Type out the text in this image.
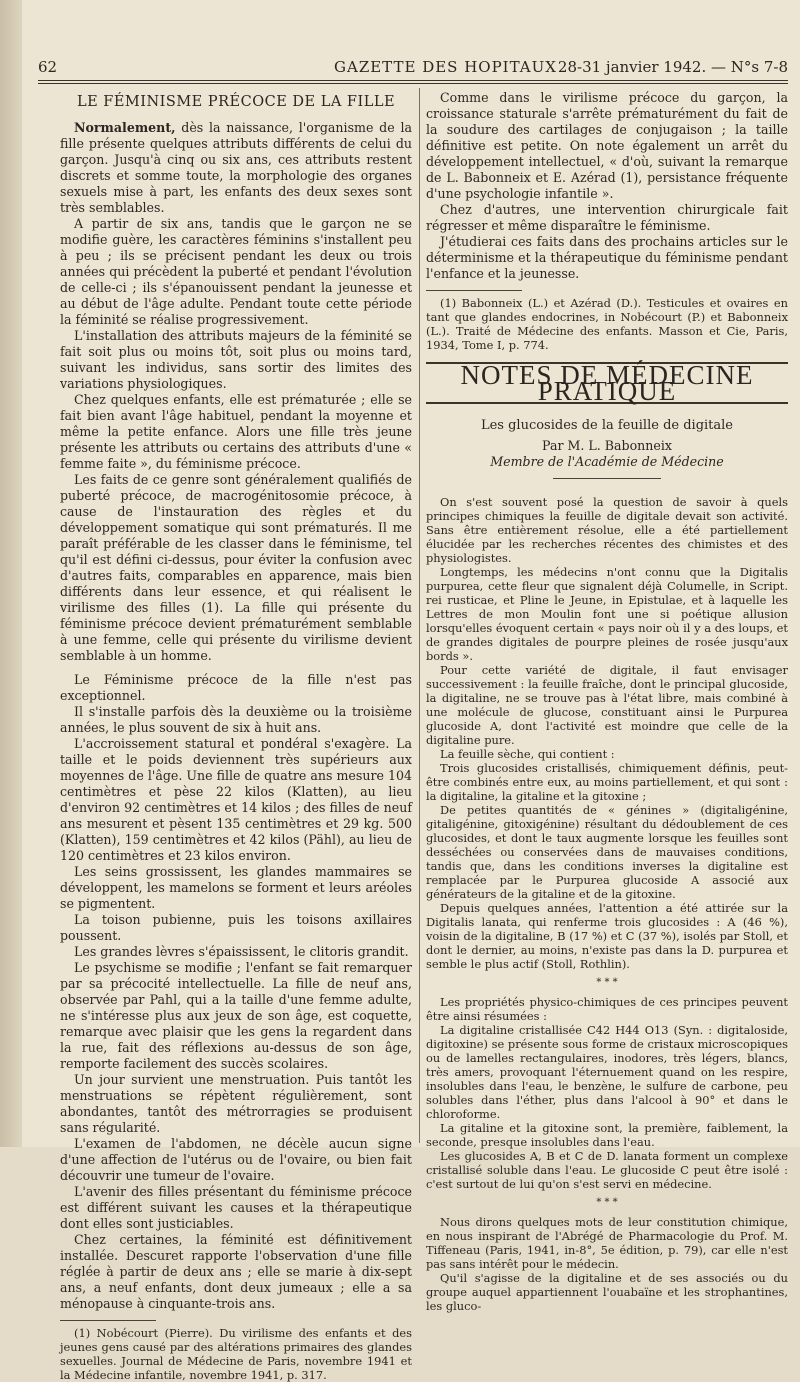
62	GAZETTE DES HOPITAUX 28-31 janvier 1942. — N°s 7-8
LE FÉMINISME PRÉCOCE DE LA FILLE

Normalement, dès la naissance, l'organisme de la fille présente quelques attributs différents de celui du garçon. Jusqu'à cinq ou six ans, ces attributs restent discrets et somme toute, la morphologie des organes sexuels mise à part, les enfants des deux sexes sont très semblables.

A partir de six ans, tandis que le garçon ne se modifie guère, les caractères féminins s'installent peu à peu ; ils se précisent pendant les deux ou trois années qui précèdent la puberté et pendant l'évolution de celle-ci ; ils s'épanouissent pendant la jeunesse et au début de l'âge adulte. Pendant toute cette période la féminité se réalise progressivement.

L'installation des attributs majeurs de la féminité se fait soit plus ou moins tôt, soit plus ou moins tard, suivant les individus, sans sortir des limites des variations physiologiques.

Chez quelques enfants, elle est prématurée ; elle se fait bien avant l'âge habituel, pendant la moyenne et même la petite enfance. Alors une fille très jeune présente les attributs ou certains des attributs d'une « femme faite », du féminisme précoce.

Les faits de ce genre sont généralement qualifiés de puberté précoce, de macrogénitosomie précoce, à cause de l'instauration des règles et du développement somatique qui sont prématurés. Il me paraît préférable de les classer dans le féminisme, tel qu'il est défini ci-dessus, pour éviter la confusion avec d'autres faits, comparables en apparence, mais bien différents dans leur essence, et qui réalisent le virilisme des filles (1). La fille qui présente du féminisme précoce devient prématurément semblable à une femme, celle qui présente du virilisme devient semblable à un homme.

Le Féminisme précoce de la fille n'est pas exceptionnel.

Il s'installe parfois dès la deuxième ou la troisième années, le plus souvent de six à huit ans.

L'accroissement statural et pondéral s'exagère. La taille et le poids deviennent très supérieurs aux moyennes de l'âge. Une fille de quatre ans mesure 104 centimètres et pèse 22 kilos (Klatten), au lieu d'environ 92 centimètres et 14 kilos ; des filles de neuf ans mesurent et pèsent 135 centimètres et 29 kg. 500 (Klatten), 159 centimètres et 42 kilos (Pähl), au lieu de 120 centimètres et 23 kilos environ.

Les seins grossissent, les glandes mammaires se développent, les mamelons se forment et leurs aréoles se pigmentent.

La toison pubienne, puis les toisons axillaires poussent.

Les grandes lèvres s'épaississent, le clitoris grandit.

Le psychisme se modifie ; l'enfant se fait remarquer par sa précocité intellectuelle. La fille de neuf ans, observée par Pahl, qui a la taille d'une femme adulte, ne s'intéresse plus aux jeux de son âge, est coquette, remarque avec plaisir que les gens la regardent dans la rue, fait des réflexions au-dessus de son âge, remporte facilement des succès scolaires.

Un jour survient une menstruation. Puis tantôt les menstruations se répètent régulièrement, sont abondantes, tantôt des métrorragies se produisent sans régularité.

L'examen de l'abdomen, ne décèle aucun signe d'une affection de l'utérus ou de l'ovaire, ou bien fait découvrir une tumeur de l'ovaire.

L'avenir des filles présentant du féminisme précoce est différent suivant les causes et la thérapeutique dont elles sont justiciables.

Chez certaines, la féminité est définitivement installée. Descuret rapporte l'observation d'une fille réglée à partir de deux ans ; elle se marie à dix-sept ans, a neuf enfants, dont deux jumeaux ; elle a sa ménopause à cinquante-trois ans.

(1) Nobécourt (Pierre). Du virilisme des enfants et des jeunes gens causé par des altérations primaires des glandes sexuelles. Journal de Médecine de Paris, novembre 1941 et la Médecine infantile, novembre 1941, p. 317.

Comme dans le virilisme précoce du garçon, la croissance staturale s'arrête prématurément du fait de la soudure des cartilages de conjugaison ; la taille définitive est petite. On note également un arrêt du développement intellectuel, « d'où, suivant la remarque de L. Babonneix et E. Azérad (1), persistance fréquente d'une psychologie infantile ».

Chez d'autres, une intervention chirurgicale fait régresser et même disparaître le féminisme.

J'étudierai ces faits dans des prochains articles sur le déterminisme et la thérapeutique du féminisme pendant l'enfance et la jeunesse.

(1) Babonneix (L.) et Azérad (D.). Testicules et ovaires en tant que glandes endocrines, in Nobécourt (P.) et Babonneix (L.). Traité de Médecine des enfants. Masson et Cie, Paris, 1934, Tome I, p. 774.

NOTES DE MÉDECINE PRATIQUE
Les glucosides de la feuille de digitale
Par M. L. Babonneix
Membre de l'Académie de Médecine

On s'est souvent posé la question de savoir à quels principes chimiques la feuille de digitale devait son activité. Sans être entièrement résolue, elle a été partiellement élucidée par les recherches récentes des chimistes et des physiologistes.

Longtemps, les médecins n'ont connu que la Digitalis purpurea, cette fleur que signalent déjà Columelle, in Script. rei rusticae, et Pline le Jeune, in Epistulae, et à laquelle les Lettres de mon Moulin font une si poétique allusion lorsqu'elles évoquent certain « pays noir où il y a des loups, et de grandes digitales de pourpre pleines de rosée jusqu'aux bords ».

Pour cette variété de digitale, il faut envisager successivement : la feuille fraîche, dont le principal glucoside, la digitaline, ne se trouve pas à l'état libre, mais combiné à une molécule de glucose, constituant ainsi le Purpurea glucoside A, dont l'activité est moindre que celle de la digitaline pure.

La feuille sèche, qui contient :

Trois glucosides cristallisés, chimiquement définis, peut-être combinés entre eux, au moins partiellement, et qui sont : la digitaline, la gitaline et la gitoxine ;

De petites quantités de « génines » (digitaligénine, gitaligénine, gitoxigénine) résultant du dédoublement de ces glucosides, et dont le taux augmente lorsque les feuilles sont desséchées ou conservées dans de mauvaises conditions, tandis que, dans les conditions inverses la digitaline est remplacée par le Purpurea glucoside A associé aux générateurs de la gitaline et de la gitoxine.

Depuis quelques années, l'attention a été attirée sur la Digitalis lanata, qui renferme trois glucosides : A (46 %), voisin de la digitaline, B (17 %) et C (37 %), isolés par Stoll, et dont le dernier, au moins, n'existe pas dans la D. purpurea et semble le plus actif (Stoll, Rothlin).

* * *

Les propriétés physico-chimiques de ces principes peuvent être ainsi résumées :

La digitaline cristallisée C42 H44 O13 (Syn. : digitaloside, digitoxine) se présente sous forme de cristaux microscopiques ou de lamelles rectangulaires, inodores, très légers, blancs, très amers, provoquant l'éternuement quand on les respire, insolubles dans l'eau, le benzène, le sulfure de carbone, peu solubles dans l'éther, plus dans l'alcool à 90° et dans le chloroforme.

La gitaline et la gitoxine sont, la première, faiblement, la seconde, presque insolubles dans l'eau.

Les glucosides A, B et C de D. lanata forment un complexe cristallisé soluble dans l'eau. Le glucoside C peut être isolé : c'est surtout de lui qu'on s'est servi en médecine.

* * *

Nous dirons quelques mots de leur constitution chimique, en nous inspirant de l'Abrégé de Pharmacologie du Prof. M. Tiffeneau (Paris, 1941, in-8°, 5e édition, p. 79), car elle n'est pas sans intérêt pour le médecin.

Qu'il s'agisse de la digitaline et de ses associés ou du groupe auquel appartiennent l'ouabaïne et les strophantines, les gluco-
